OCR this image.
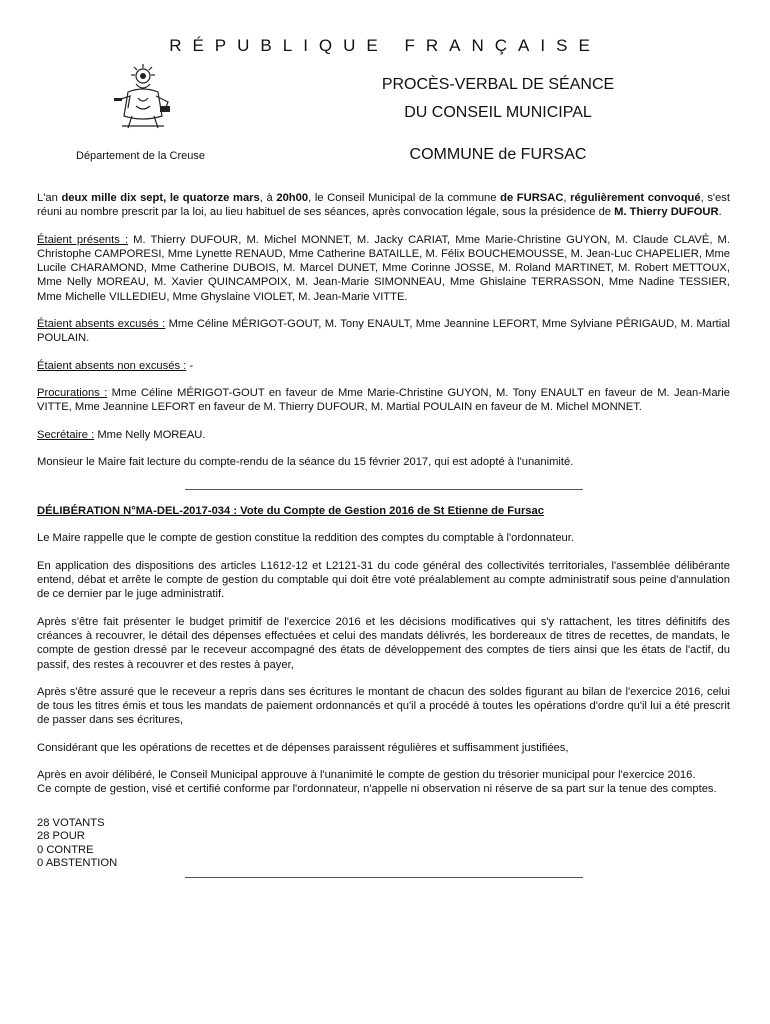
RÉPUBLIQUE FRANÇAISE
PROCÈS-VERBAL DE SÉANCE
DU CONSEIL MUNICIPAL
Département de la Creuse	COMMUNE de FURSAC

L'an deux mille dix sept, le quatorze mars, à 20h00, le Conseil Municipal de la commune de FURSAC, régulièrement convoqué, s'est réuni au nombre prescrit par la loi, au lieu habituel de ses séances, après convocation légale, sous la présidence de M. Thierry DUFOUR.

Étaient présents : M. Thierry DUFOUR, M. Michel MONNET, M. Jacky CARIAT, Mme Marie-Christine GUYON, M. Claude CLAVÉ, M. Christophe CAMPORESI, Mme Lynette RENAUD, Mme Catherine BATAILLE, M. Félix BOUCHEMOUSSE, M. Jean-Luc CHAPELIER, Mme Lucile CHARAMOND, Mme Catherine DUBOIS, M. Marcel DUNET, Mme Corinne JOSSE, M. Roland MARTINET, M. Robert METTOUX, Mme Nelly MOREAU, M. Xavier QUINCAMPOIX, M. Jean-Marie SIMONNEAU, Mme Ghislaine TERRASSON, Mme Nadine TESSIER, Mme Michelle VILLEDIEU, Mme Ghyslaine VIOLET, M. Jean-Marie VITTE.

Étaient absents excusés : Mme Céline MÉRIGOT-GOUT, M. Tony ENAULT, Mme Jeannine LEFORT, Mme Sylviane PÉRIGAUD, M. Martial POULAIN.

Étaient absents non excusés : -

Procurations : Mme Céline MÉRIGOT-GOUT en faveur de Mme Marie-Christine GUYON, M. Tony ENAULT en faveur de M. Jean-Marie VITTE, Mme Jeannine LEFORT en faveur de M. Thierry DUFOUR, M. Martial POULAIN en faveur de M. Michel MONNET.

Secrétaire : Mme Nelly MOREAU.

Monsieur le Maire fait lecture du compte-rendu de la séance du 15 février 2017, qui est adopté à l'unanimité.

DÉLIBÉRATION N°MA-DEL-2017-034 : Vote du Compte de Gestion 2016 de St Etienne de Fursac

Le Maire rappelle que le compte de gestion constitue la reddition des comptes du comptable à l'ordonnateur.

En application des dispositions des articles L1612-12 et L2121-31 du code général des collectivités territoriales, l'assemblée délibérante entend, débat et arrête le compte de gestion du comptable qui doit être voté préalablement au compte administratif sous peine d'annulation de ce dernier par le juge administratif.

Après s'être fait présenter le budget primitif de l'exercice 2016 et les décisions modificatives qui s'y rattachent, les titres définitifs des créances à recouvrer, le détail des dépenses effectuées et celui des mandats délivrés, les bordereaux de titres de recettes, de mandats, le compte de gestion dressé par le receveur accompagné des états de développement des comptes de tiers ainsi que les états de l'actif, du passif, des restes à recouvrer et des restes à payer,

Après s'être assuré que le receveur a repris dans ses écritures le montant de chacun des soldes figurant au bilan de l'exercice 2016, celui de tous les titres émis et tous les mandats de paiement ordonnancés et qu'il a procédé à toutes les opérations d'ordre qu'il lui a été prescrit de passer dans ses écritures,

Considérant que les opérations de recettes et de dépenses paraissent régulières et suffisamment justifiées,

Après en avoir délibéré, le Conseil Municipal approuve à l'unanimité le compte de gestion du trésorier municipal pour l'exercice 2016.
Ce compte de gestion, visé et certifié conforme par l'ordonnateur, n'appelle ni observation ni réserve de sa part sur la tenue des comptes.

28 VOTANTS
28 POUR
0 CONTRE
0 ABSTENTION
